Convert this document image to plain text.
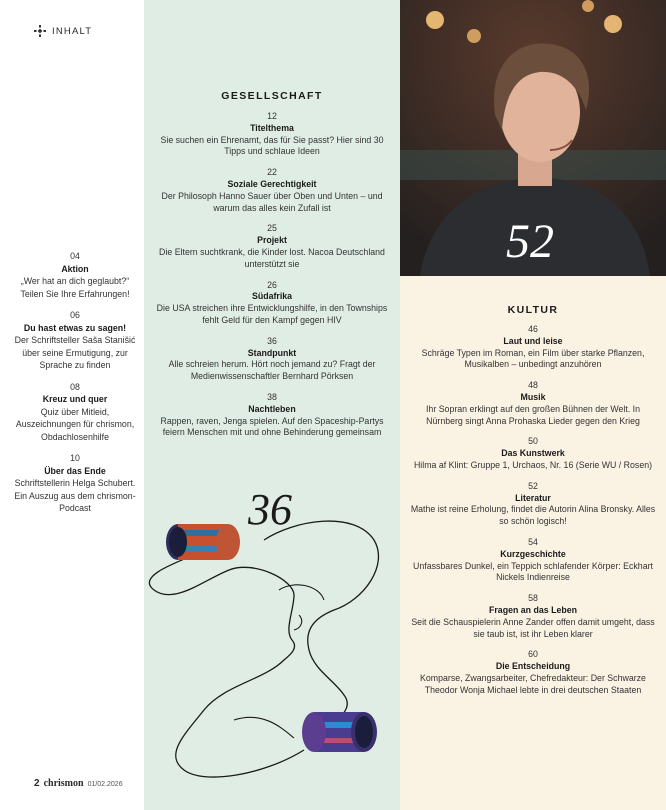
INHALT
04
Aktion
„Wer hat an dich geglaubt?“ Teilen Sie Ihre Erfahrungen!
06
Du hast etwas zu sagen!
Der Schriftsteller Saša Stanišić über seine Ermutigung, zur Sprache zu finden
08
Kreuz und quer
Quiz über Mitleid, Auszeichnungen für chrismon, Obdachlosenhilfe
10
Über das Ende
Schriftstellerin Helga Schubert. Ein Auszug aus dem chrismon-Podcast
2 chrismon 01/02.2026
GESELLSCHAFT
12
Titelthema
Sie suchen ein Ehrenamt, das für Sie passt? Hier sind 30 Tipps und schlaue Ideen
22
Soziale Gerechtigkeit
Der Philosoph Hanno Sauer über Oben und Unten – und warum das alles kein Zufall ist
25
Projekt
Die Eltern suchtkrank, die Kinder lost. Nacoa Deutschland unterstützt sie
26
Südafrika
Die USA streichen ihre Entwicklungshilfe, in den Townships fehlt Geld für den Kampf gegen HIV
36
Standpunkt
Alle schreien herum. Hört noch jemand zu? Fragt der Medienwissenschaftler Bernhard Pörksen
38
Nachtleben
Rappen, raven, Jenga spielen. Auf den Spaceship-Partys feiern Menschen mit und ohne Behinderung gemeinsam
36
52
KULTUR
46
Laut und leise
Schräge Typen im Roman, ein Film über starke Pflanzen, Musikalben – unbedingt anzuhören
48
Musik
Ihr Sopran erklingt auf den großen Bühnen der Welt. In Nürnberg singt Anna Prohaska Lieder gegen den Krieg
50
Das Kunstwerk
Hilma af Klint: Gruppe 1, Urchaos, Nr. 16 (Serie WU / Rosen)
52
Literatur
Mathe ist reine Erholung, findet die Autorin Alina Bronsky. Alles so schön logisch!
54
Kurzgeschichte
Unfassbares Dunkel, ein Teppich schlafender Körper: Eckhart Nickels Indienreise
58
Fragen an das Leben
Seit die Schauspielerin Anne Zander offen damit umgeht, dass sie taub ist, ist ihr Leben klarer
60
Die Entscheidung
Komparse, Zwangsarbeiter, Chefredakteur: Der Schwarze Theodor Wonja Michael lebte in drei deutschen Staaten
